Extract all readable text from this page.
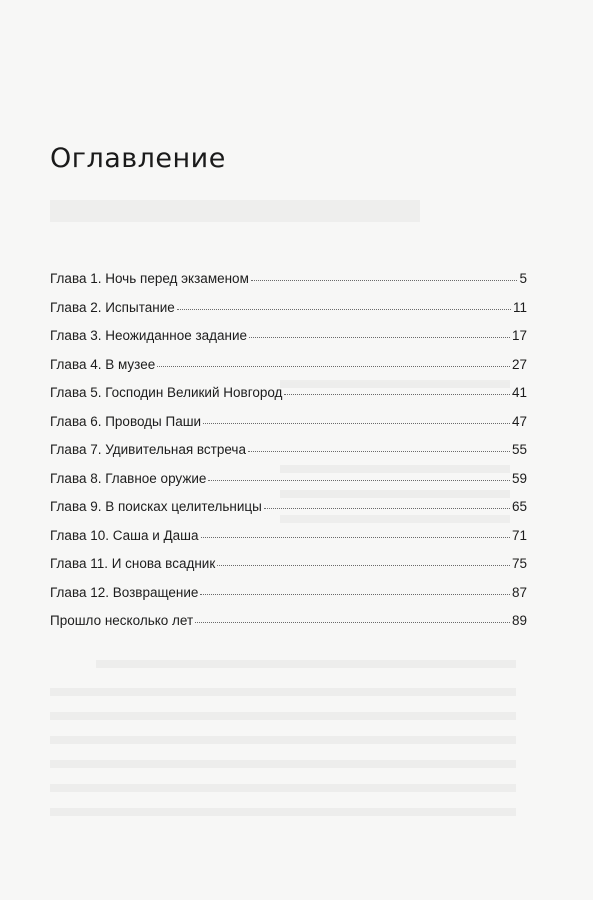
Оглавление
Глава 1. Ночь перед экзаменом	5
Глава 2. Испытание	11
Глава 3. Неожиданное задание	17
Глава 4. В музее	27
Глава 5. Господин Великий Новгород	41
Глава 6. Проводы Паши	47
Глава 7. Удивительная встреча	55
Глава 8. Главное оружие	59
Глава 9. В поисках целительницы	65
Глава 10. Саша и Даша	71
Глава 11. И снова всадник	75
Глава 12. Возвращение	87
Прошло несколько лет	89
